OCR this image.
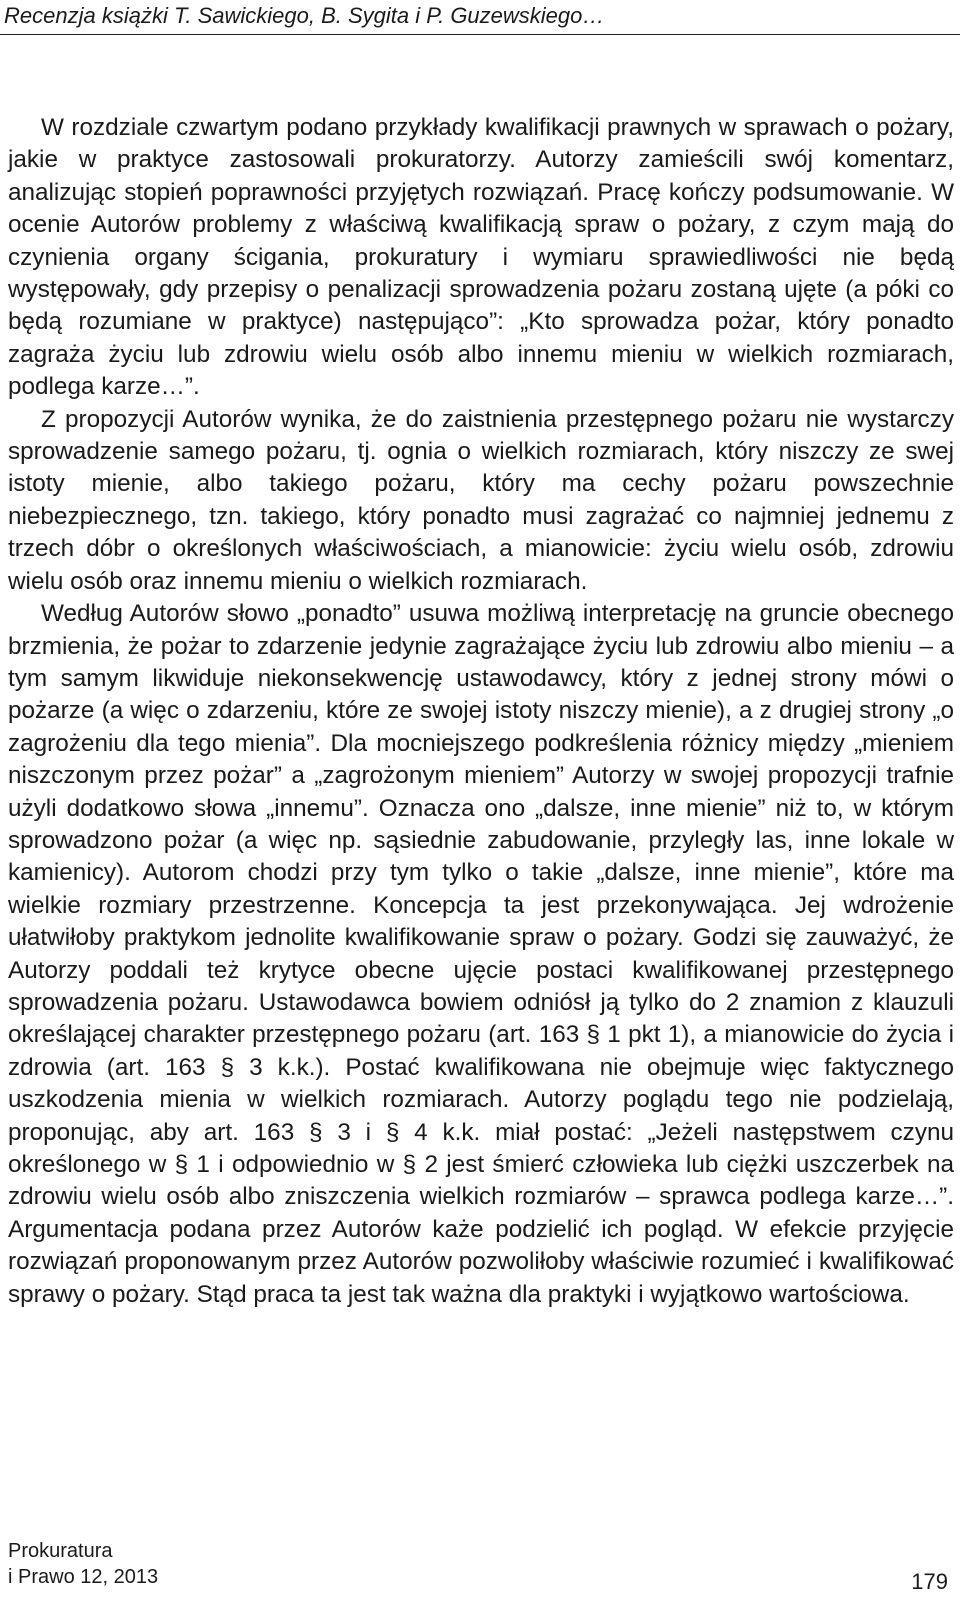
Recenzja książki T. Sawickiego, B. Sygita i P. Guzewskiego…

W rozdziale czwartym podano przykłady kwalifikacji prawnych w sprawach o pożary, jakie w praktyce zastosowali prokuratorzy. Autorzy zamieścili swój komentarz, analizując stopień poprawności przyjętych rozwiązań. Pracę kończy podsumowanie. W ocenie Autorów problemy z właściwą kwalifikacją spraw o pożary, z czym mają do czynienia organy ścigania, prokuratury i wymiaru sprawiedliwości nie będą występowały, gdy przepisy o penalizacji sprowadzenia pożaru zostaną ujęte (a póki co będą rozumiane w praktyce) następująco”: „Kto sprowadza pożar, który ponadto zagraża życiu lub zdrowiu wielu osób albo innemu mieniu w wielkich rozmiarach, podlega karze…”.

Z propozycji Autorów wynika, że do zaistnienia przestępnego pożaru nie wystarczy sprowadzenie samego pożaru, tj. ognia o wielkich rozmiarach, który niszczy ze swej istoty mienie, albo takiego pożaru, który ma cechy pożaru powszechnie niebezpiecznego, tzn. takiego, który ponadto musi zagrażać co najmniej jednemu z trzech dóbr o określonych właściwościach, a mianowicie: życiu wielu osób, zdrowiu wielu osób oraz innemu mieniu o wielkich rozmiarach.

Według Autorów słowo „ponadto” usuwa możliwą interpretację na gruncie obecnego brzmienia, że pożar to zdarzenie jedynie zagrażające życiu lub zdrowiu albo mieniu – a tym samym likwiduje niekonsekwencję ustawodawcy, który z jednej strony mówi o pożarze (a więc o zdarzeniu, które ze swojej istoty niszczy mienie), a z drugiej strony „o zagrożeniu dla tego mienia”. Dla mocniejszego podkreślenia różnicy między „mieniem niszczonym przez pożar” a „zagrożonym mieniem” Autorzy w swojej propozycji trafnie użyli dodatkowo słowa „innemu”. Oznacza ono „dalsze, inne mienie” niż to, w którym sprowadzono pożar (a więc np. sąsiednie zabudowanie, przyległy las, inne lokale w kamienicy). Autorom chodzi przy tym tylko o takie „dalsze, inne mienie”, które ma wielkie rozmiary przestrzenne. Koncepcja ta jest przekonywająca. Jej wdrożenie ułatwiłoby praktykom jednolite kwalifikowanie spraw o pożary. Godzi się zauważyć, że Autorzy poddali też krytyce obecne ujęcie postaci kwalifikowanej przestępnego sprowadzenia pożaru. Ustawodawca bowiem odniósł ją tylko do 2 znamion z klauzuli określającej charakter przestępnego pożaru (art. 163 § 1 pkt 1), a mianowicie do życia i zdrowia (art. 163 § 3 k.k.). Postać kwalifikowana nie obejmuje więc faktycznego uszkodzenia mienia w wielkich rozmiarach. Autorzy poglądu tego nie podzielają, proponując, aby art. 163 § 3 i § 4 k.k. miał postać: „Jeżeli następstwem czynu określonego w § 1 i odpowiednio w § 2 jest śmierć człowieka lub ciężki uszczerbek na zdrowiu wielu osób albo zniszczenia wielkich rozmiarów – sprawca podlega karze…”. Argumentacja podana przez Autorów każe podzielić ich pogląd. W efekcie przyjęcie rozwiązań proponowanym przez Autorów pozwoliłoby właściwie rozumieć i kwalifikować sprawy o pożary. Stąd praca ta jest tak ważna dla praktyki i wyjątkowo wartościowa.

Prokuratura
i Prawo 12, 2013	179
